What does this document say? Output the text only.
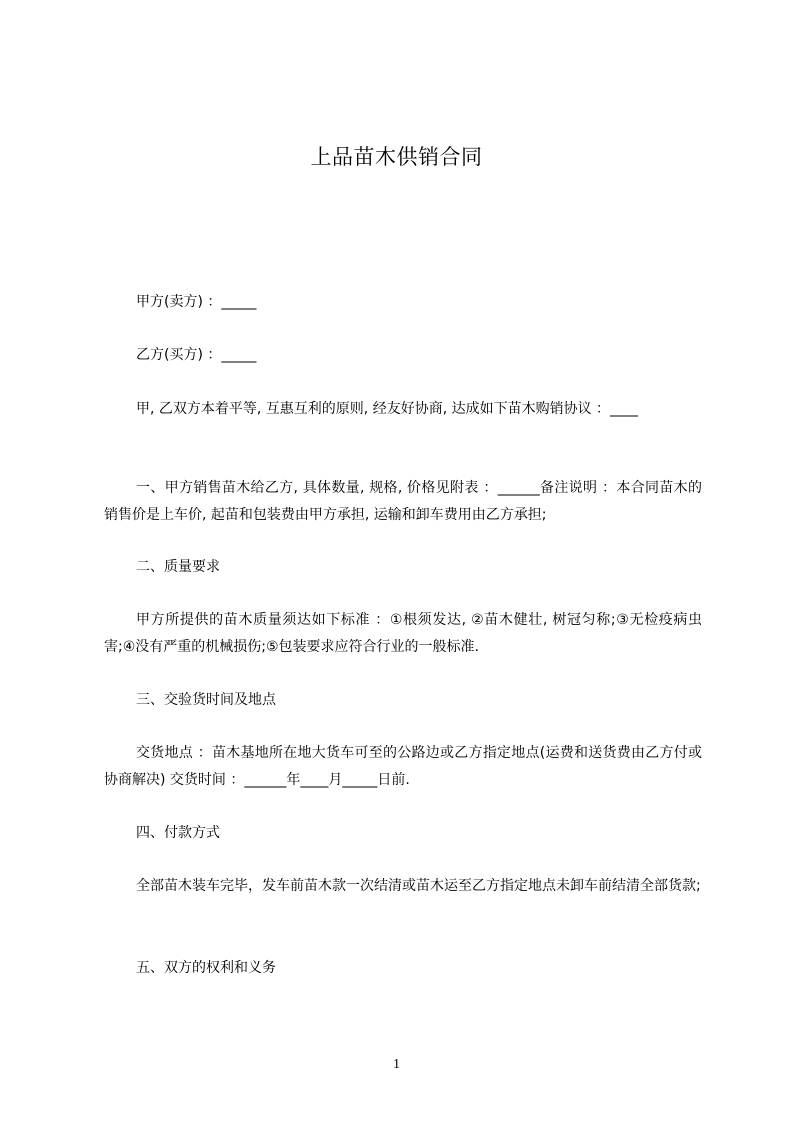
上品苗木供销合同
甲方(卖方) ：_____
乙方(买方) ：_____
甲, 乙双方本着平等, 互惠互利的原则, 经友好协商, 达成如下苗木购销协议 ：____
一、甲方销售苗木给乙方, 具体数量, 规格, 价格见附表 ：______备注说明 ：本合同苗木的销售价是上车价, 起苗和包装费由甲方承担, 运输和卸车费用由乙方承担;
二、质量要求
甲方所提供的苗木质量须达如下标准 ：①根须发达, ②苗木健壮, 树冠匀称;③无检疫病虫害;④没有严重的机械损伤;⑤包装要求应符合行业的一般标准.
三、交验货时间及地点
交货地点 ：苗木基地所在地大货车可至的公路边或乙方指定地点(运费和送货费由乙方付或协商解决) 交货时间 ：______年____月_____日前.
四、付款方式
全部苗木装车完毕，发车前苗木款一次结清或苗木运至乙方指定地点未卸车前结清全部货款;
五、双方的权利和义务
1
